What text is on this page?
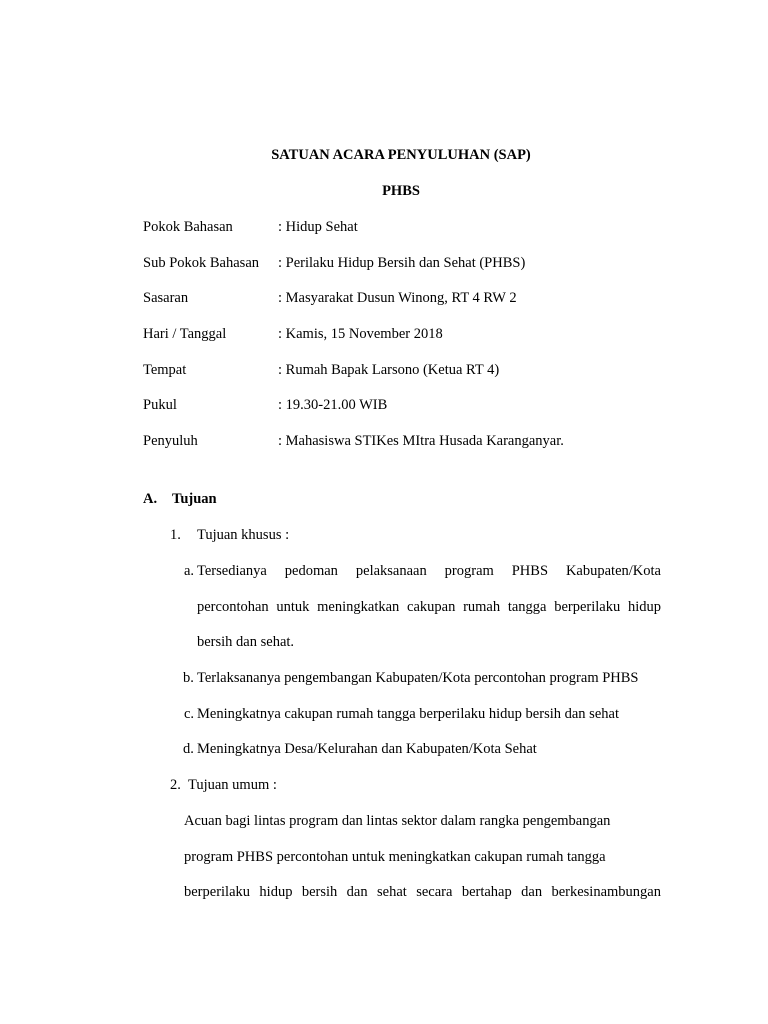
SATUAN ACARA PENYULUHAN (SAP)
PHBS
Pokok Bahasan	: Hidup Sehat
Sub Pokok Bahasan : Perilaku Hidup Bersih dan Sehat (PHBS)
Sasaran	: Masyarakat Dusun Winong, RT 4 RW 2
Hari / Tanggal	: Kamis, 15 November 2018
Tempat	: Rumah Bapak Larsono (Ketua RT 4)
Pukul	: 19.30-21.00 WIB
Penyuluh	: Mahasiswa STIKes MItra Husada Karanganyar.
A. Tujuan
1. Tujuan khusus :
a. Tersedianya pedoman pelaksanaan program PHBS Kabupaten/Kota
percontohan untuk meningkatkan cakupan rumah tangga berperilaku hidup
bersih dan sehat.
b. Terlaksananya pengembangan Kabupaten/Kota percontohan program PHBS
c. Meningkatnya cakupan rumah tangga berperilaku hidup bersih dan sehat
d. Meningkatnya Desa/Kelurahan dan Kabupaten/Kota Sehat
2. Tujuan umum :
Acuan bagi lintas program dan lintas sektor dalam rangka pengembangan
program PHBS percontohan untuk meningkatkan cakupan rumah tangga
berperilaku hidup bersih dan sehat secara bertahap dan berkesinambungan
